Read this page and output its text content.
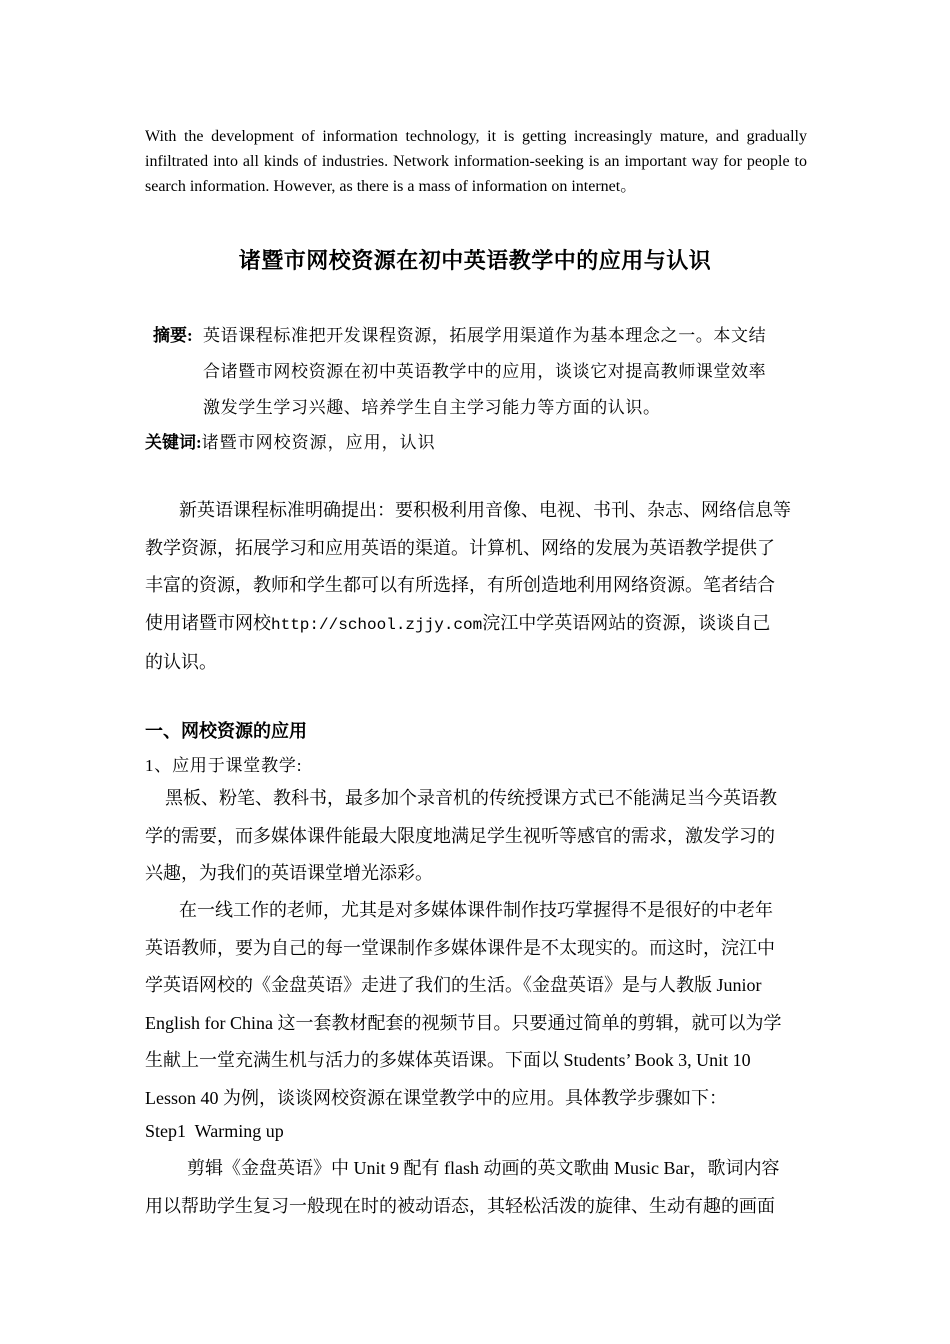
With the development of information technology, it is getting increasingly mature, and gradually infiltrated into all kinds of industries. Network information-seeking is an important way for people to search information. However, as there is a mass of information on internet。
诸暨市网校资源在初中英语教学中的应用与认识
摘要: 英语课程标准把开发课程资源，拓展学用渠道作为基本理念之一。本文结
合诸暨市网校资源在初中英语教学中的应用，谈谈它对提高教师课堂效率
激发学生学习兴趣、培养学生自主学习能力等方面的认识。
关键词:诸暨市网校资源，应用，认识
新英语课程标准明确提出：要积极利用音像、电视、书刊、杂志、网络信息等
教学资源，拓展学习和应用英语的渠道。计算机、网络的发展为英语教学提供了
丰富的资源，教师和学生都可以有所选择，有所创造地利用网络资源。笔者结合
使用诸暨市网校http://school.zjjy.com浣江中学英语网站的资源，谈谈自己
的认识。
一、网校资源的应用
1、应用于课堂教学:
黑板、粉笔、教科书，最多加个录音机的传统授课方式已不能满足当今英语教
学的需要，而多媒体课件能最大限度地满足学生视听等感官的需求，激发学习的
兴趣，为我们的英语课堂增光添彩。
在一线工作的老师，尤其是对多媒体课件制作技巧掌握得不是很好的中老年
英语教师，要为自己的每一堂课制作多媒体课件是不太现实的。而这时，浣江中
学英语网校的《金盘英语》走进了我们的生活。《金盘英语》是与人教版 Junior
English for China 这一套教材配套的视频节目。只要通过简单的剪辑，就可以为学
生献上一堂充满生机与活力的多媒体英语课。下面以 Students’ Book 3, Unit 10
Lesson 40 为例，谈谈网校资源在课堂教学中的应用。具体教学步骤如下：
Step1  Warming up
剪辑《金盘英语》中 Unit 9 配有 flash 动画的英文歌曲 Music Bar，歌词内容
用以帮助学生复习一般现在时的被动语态，其轻松活泼的旋律、生动有趣的画面
